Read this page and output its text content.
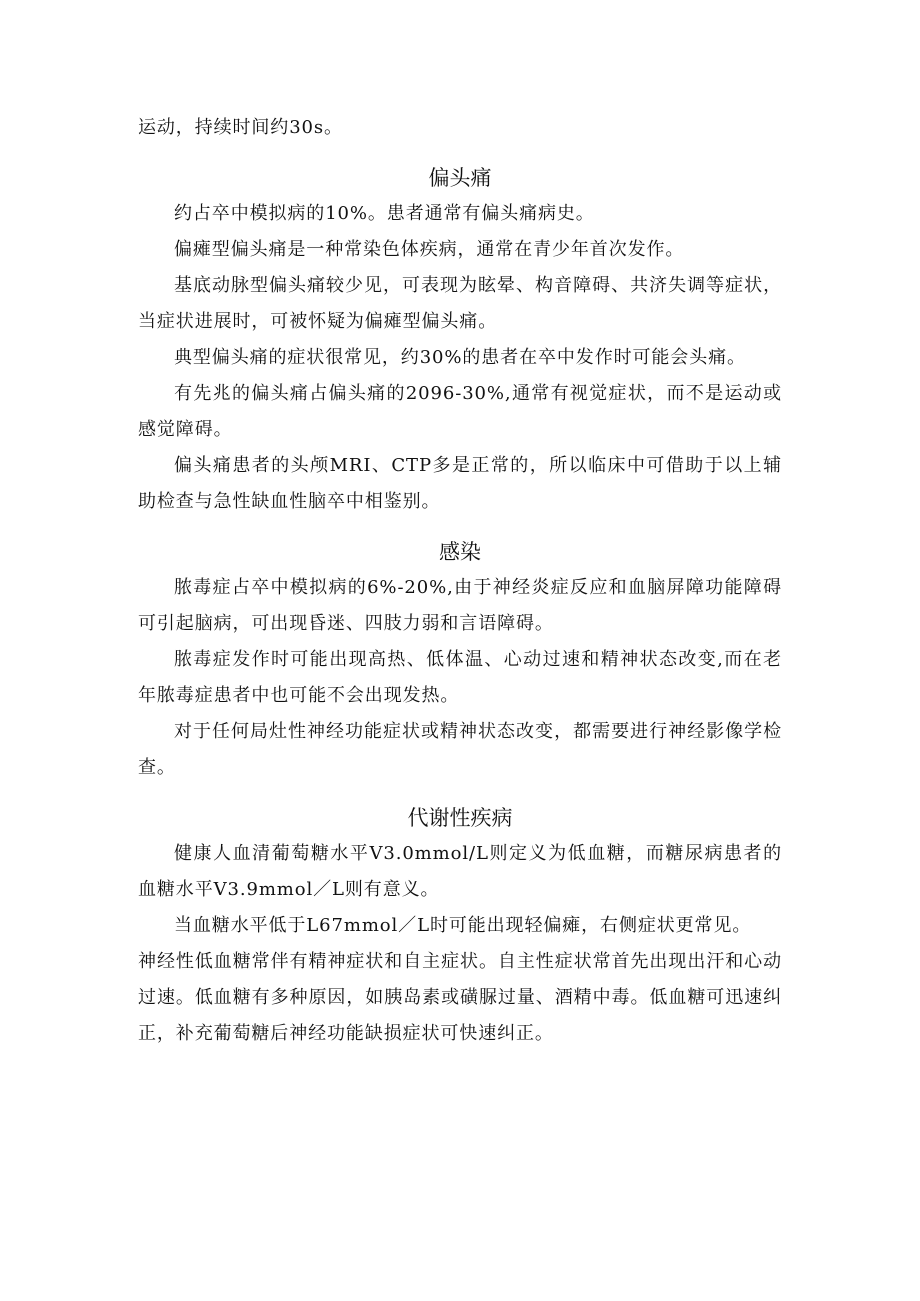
运动，持续时间约30s。

偏头痛

约占卒中模拟病的10%。患者通常有偏头痛病史。

偏瘫型偏头痛是一种常染色体疾病，通常在青少年首次发作。

基底动脉型偏头痛较少见，可表现为眩晕、构音障碍、共济失调等症状，当症状进展时，可被怀疑为偏瘫型偏头痛。

典型偏头痛的症状很常见，约30%的患者在卒中发作时可能会头痛。

有先兆的偏头痛占偏头痛的2096-30%,通常有视觉症状，而不是运动或感觉障碍。

偏头痛患者的头颅MRI、CTP多是正常的，所以临床中可借助于以上辅助检查与急性缺血性脑卒中相鉴别。

感染

脓毒症占卒中模拟病的6%-20%,由于神经炎症反应和血脑屏障功能障碍可引起脑病，可出现昏迷、四肢力弱和言语障碍。

脓毒症发作时可能出现高热、低体温、心动过速和精神状态改变,而在老年脓毒症患者中也可能不会出现发热。

对于任何局灶性神经功能症状或精神状态改变，都需要进行神经影像学检查。

代谢性疾病

健康人血清葡萄糖水平V3.0mmol/L则定义为低血糖，而糖尿病患者的血糖水平V3.9mmol／L则有意义。

当血糖水平低于L67mmol／L时可能出现轻偏瘫，右侧症状更常见。

神经性低血糖常伴有精神症状和自主症状。自主性症状常首先出现出汗和心动过速。低血糖有多种原因，如胰岛素或磺脲过量、酒精中毒。低血糖可迅速纠正，补充葡萄糖后神经功能缺损症状可快速纠正。
